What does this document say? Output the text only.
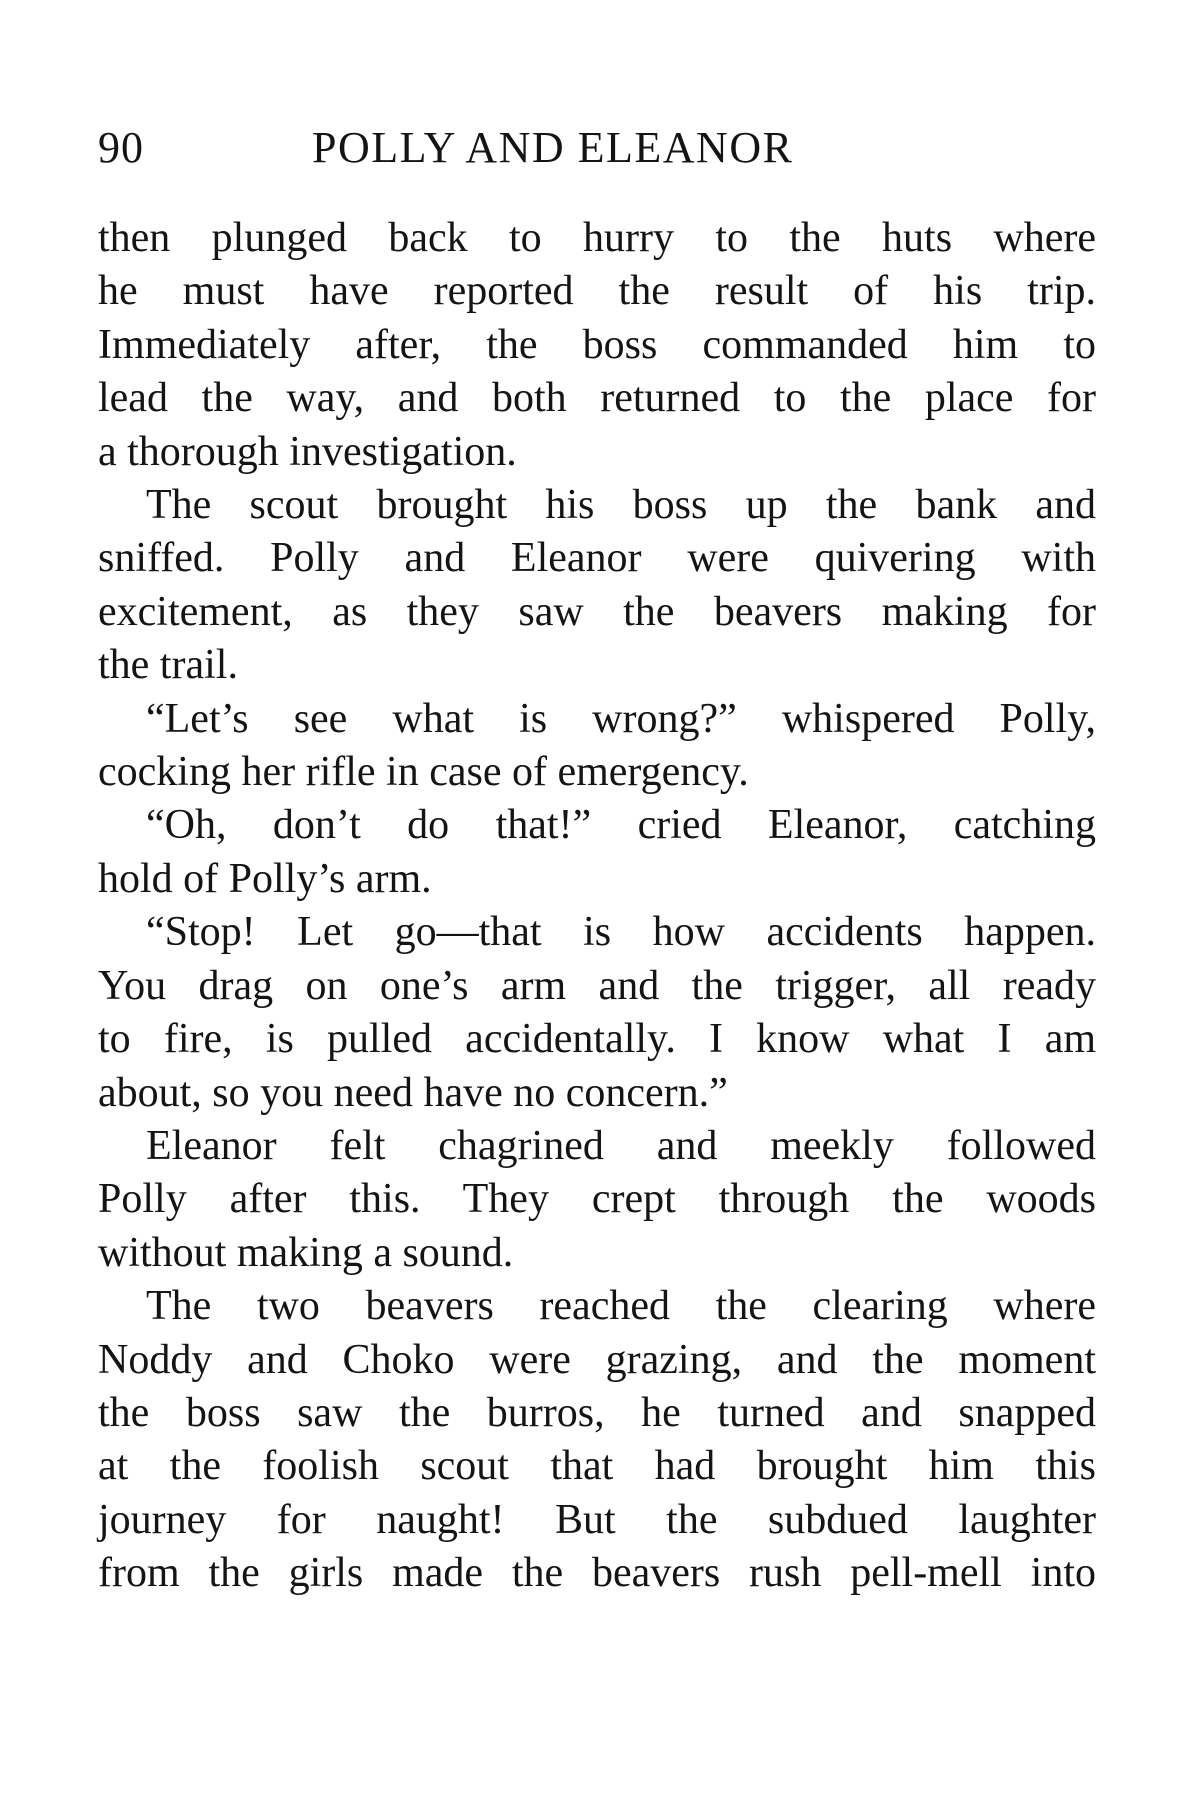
90	POLLY AND ELEANOR

then plunged back to hurry to the huts where
he must have reported the result of his trip.
Immediately after, the boss commanded him to
lead the way, and both returned to the place for
a thorough investigation.

The scout brought his boss up the bank and
sniffed. Polly and Eleanor were quivering with
excitement, as they saw the beavers making for
the trail.

“Let’s see what is wrong?” whispered Polly,
cocking her rifle in case of emergency.

“Oh, don’t do that!” cried Eleanor, catching
hold of Polly’s arm.

“Stop! Let go—that is how accidents happen.
You drag on one’s arm and the trigger, all ready
to fire, is pulled accidentally. I know what I am
about, so you need have no concern.”

Eleanor felt chagrined and meekly followed
Polly after this. They crept through the woods
without making a sound.

The two beavers reached the clearing where
Noddy and Choko were grazing, and the moment
the boss saw the burros, he turned and snapped
at the foolish scout that had brought him this
journey for naught! But the subdued laughter
from the girls made the beavers rush pell-mell into
